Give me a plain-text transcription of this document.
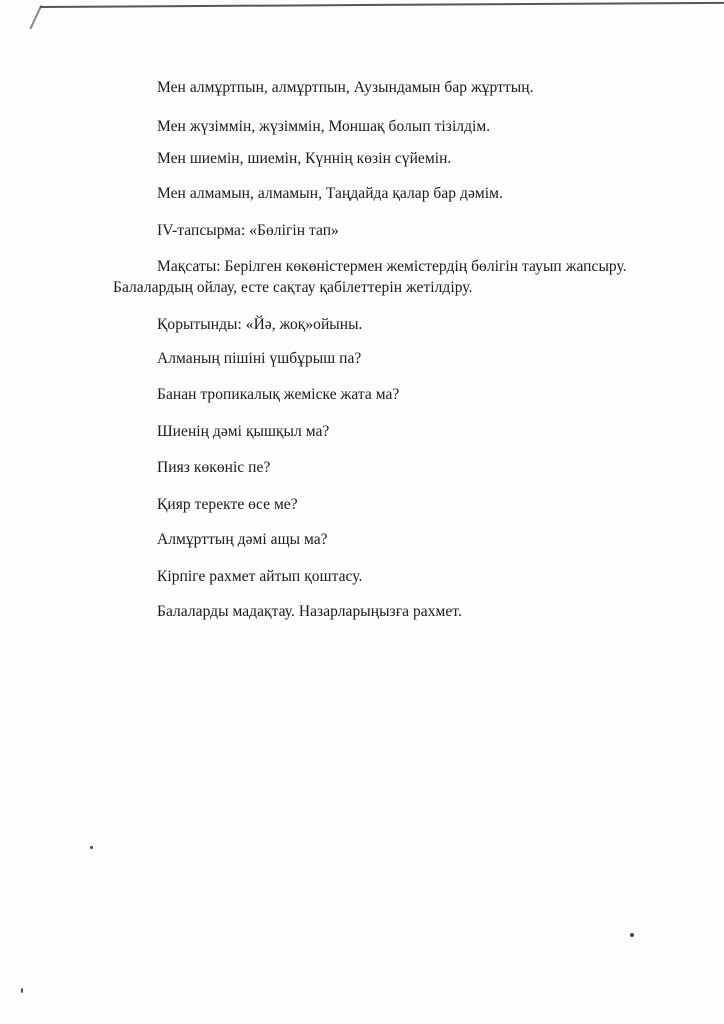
Мен алмұртпын, алмұртпын, Аузындамын бар жұрттың.
Мен жүзіммін, жүзіммін, Моншақ болып тізілдім.
Мен шиемін, шиемін, Күннің көзін сүйемін.
Мен алмамын, алмамын, Таңдайда қалар бар дәмім.
IV-тапсырма: «Бөлігін тап»
Мақсаты: Берілген көкөністермен жемістердің бөлігін тауып жапсыру.
Балалардың ойлау, есте сақтау қабілеттерін жетілдіру.
Қорытынды: «Йә, жоқ»ойыны.
Алманың пішіні үшбұрыш па?
Банан тропикалық жеміске жата ма?
Шиенің дәмі қышқыл ма?
Пияз көкөніс пе?
Қияр теректе өсе ме?
Алмұрттың дәмі ащы ма?
Кірпіге рахмет айтып қоштасу.
Балаларды мадақтау. Назарларыңызға рахмет.
